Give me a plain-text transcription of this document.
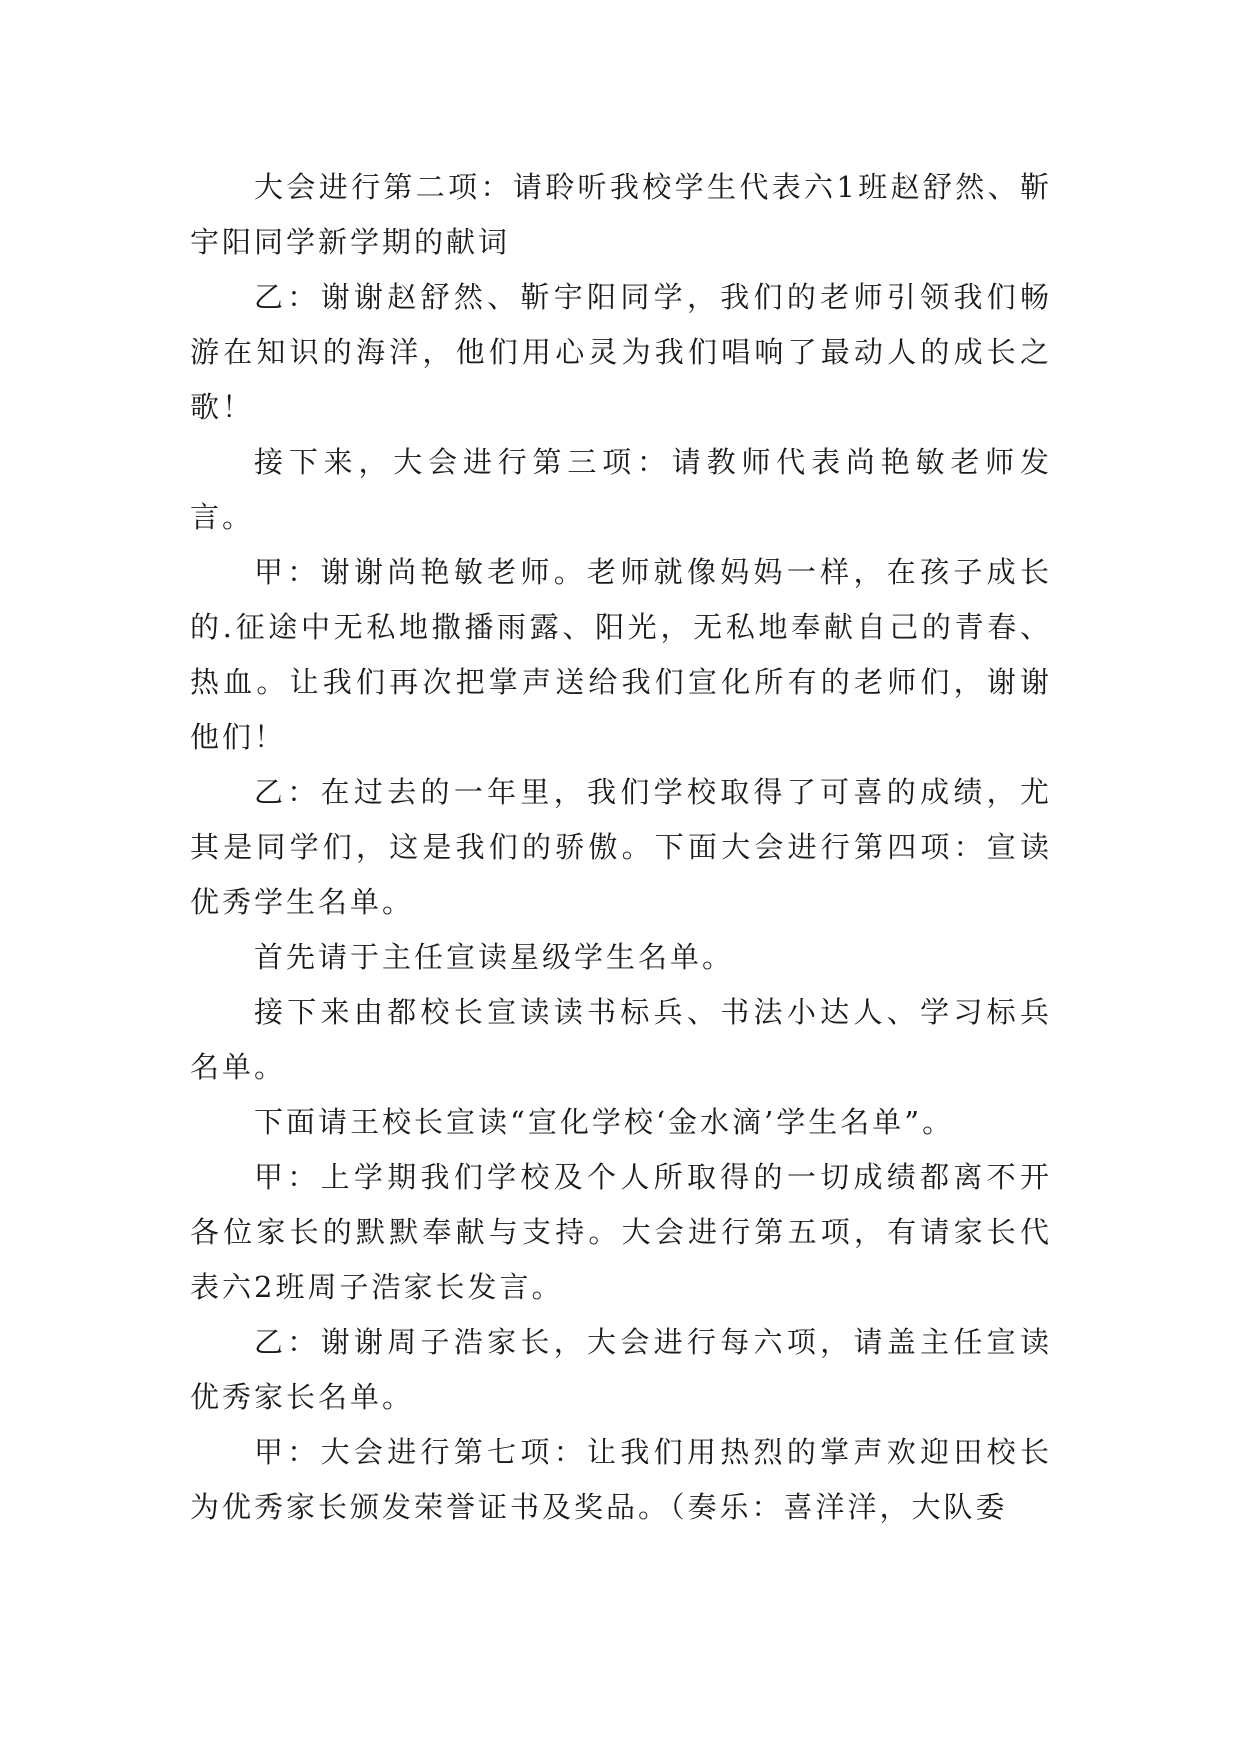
大会进行第二项：请聆听我校学生代表六1班赵舒然、靳宇阳同学新学期的献词

乙：谢谢赵舒然、靳宇阳同学，我们的老师引领我们畅游在知识的海洋，他们用心灵为我们唱响了最动人的成长之歌！

接下来，大会进行第三项：请教师代表尚艳敏老师发言。

甲：谢谢尚艳敏老师。老师就像妈妈一样，在孩子成长的.征途中无私地撒播雨露、阳光，无私地奉献自己的青春、热血。让我们再次把掌声送给我们宣化所有的老师们，谢谢他们！

乙：在过去的一年里，我们学校取得了可喜的成绩，尤其是同学们，这是我们的骄傲。下面大会进行第四项：宣读优秀学生名单。

首先请于主任宣读星级学生名单。

接下来由都校长宣读读书标兵、书法小达人、学习标兵名单。

下面请王校长宣读“宣化学校‘金水滴’学生名单”。

甲：上学期我们学校及个人所取得的一切成绩都离不开各位家长的默默奉献与支持。大会进行第五项，有请家长代表六2班周子浩家长发言。

乙：谢谢周子浩家长，大会进行每六项，请盖主任宣读优秀家长名单。

甲：大会进行第七项：让我们用热烈的掌声欢迎田校长为优秀家长颁发荣誉证书及奖品。（奏乐：喜洋洋，大队委
